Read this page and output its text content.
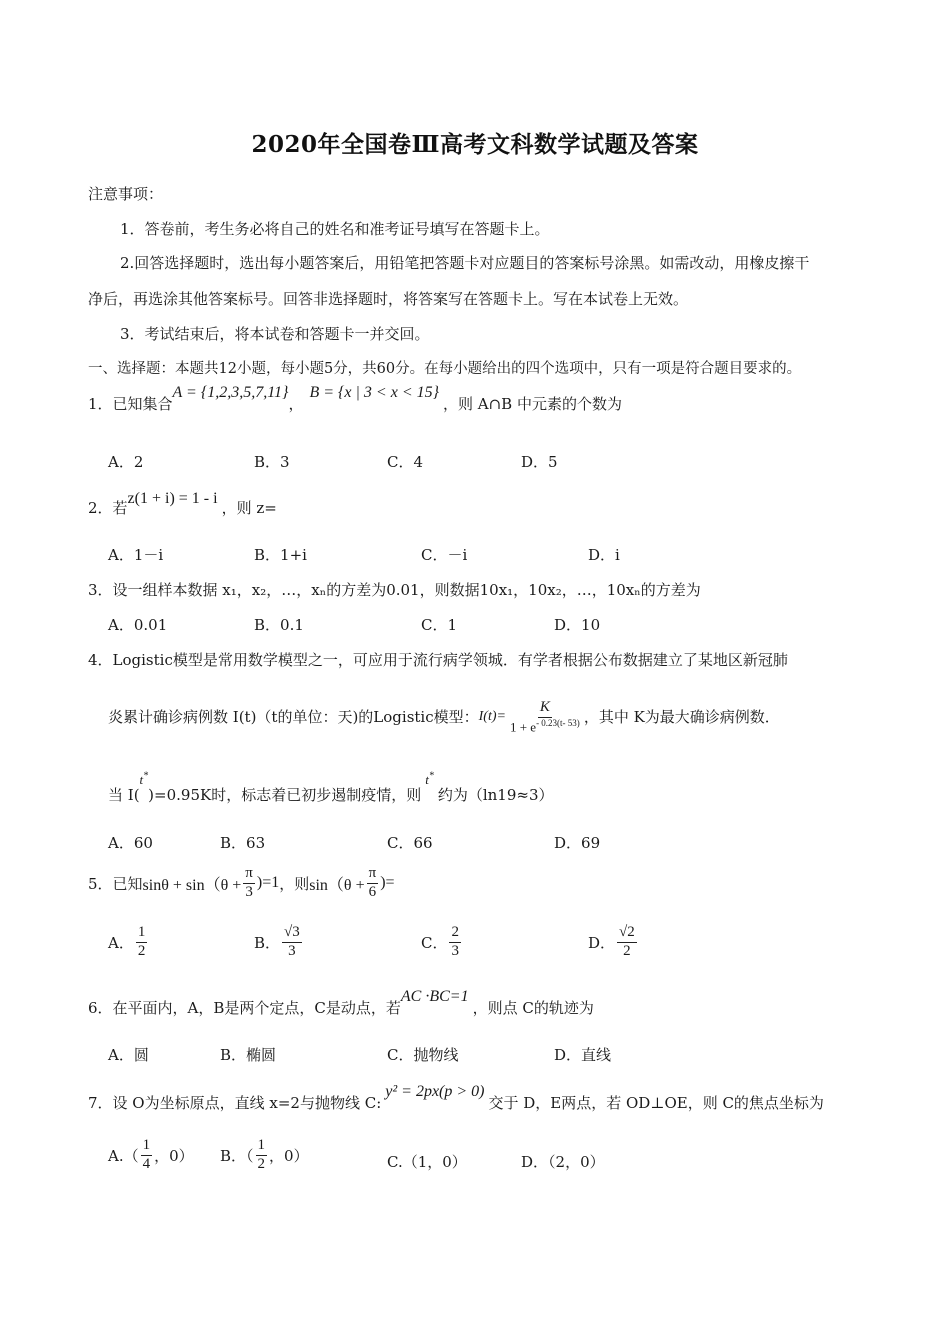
2020年全国卷Ⅲ高考文科数学试题及答案
注意事项：
1．答卷前，考生务必将自己的姓名和准考证号填写在答题卡上。
2.回答选择题时，选出每小题答案后，用铅笔把答题卡对应题目的答案标号涂黑。如需改动，用橡皮擦干
净后，再选涂其他答案标号。回答非选择题时，将答案写在答题卡上。写在本试卷上无效。
3．考试结束后，将本试卷和答题卡一并交回。
一、选择题：本题共12小题，每小题5分，共60分。在每小题给出的四个选项中，只有一项是符合题目要求的。
1．已知集合A = {1,2,3,5,7,11}，B = {x | 3 < x < 15}，则 A∩B 中元素的个数为
A．2	B．3	C．4	D．5
2．若z(1 + i) = 1 - i，则 z=
A．1－i	B．1+i	C．－i	D．i
3．设一组样本数据 x₁，x₂，…，xₙ的方差为0.01，则数据10x₁，10x₂，…，10xₙ的方差为
A．0.01	B．0.1	C．1	D．10
4．Logistic模型是常用数学模型之一，可应用于流行病学领城．有学者根据公布数据建立了某地区新冠肺
炎累计确诊病例数 I(t)（t的单位：天)的Logistic模型： $I(t)= \frac{K}{1 + e^{- 0.23(t- 53)}}$ ，其中 K为最大确诊病例数．
当 I(t*)=0.95K时，标志着已初步遏制疫情，则t*约为（ln19≈3）
A．60	B．63	C．66	D．69
5．已知 $\sin\theta + \sin(\theta + \frac{\pi}{3} )=1$ ，则 $\sin(\theta + \frac{\pi}{6}$ )=
A． $\frac{1}{2}$	B． $\frac{√3}{3}$	C． $\frac{2}{3}$	D． $\frac{√2}{2}$
6．在平面内，A，B是两个定点，C是动点，若AC ·BC=1，则点 C的轨迹为
A．圆	B．椭圆	C．抛物线	D．直线
7．设 O为坐标原点，直线 x=2与抛物线 C:y² = 2px(p > 0)交于 D，E两点，若 OD⊥OE，则 C的焦点坐标为
$A.( \frac{1}{4}$ ，0） B．（ $\frac{1}{2}$ ，0）	C.（1，0）	D．（2，0）
